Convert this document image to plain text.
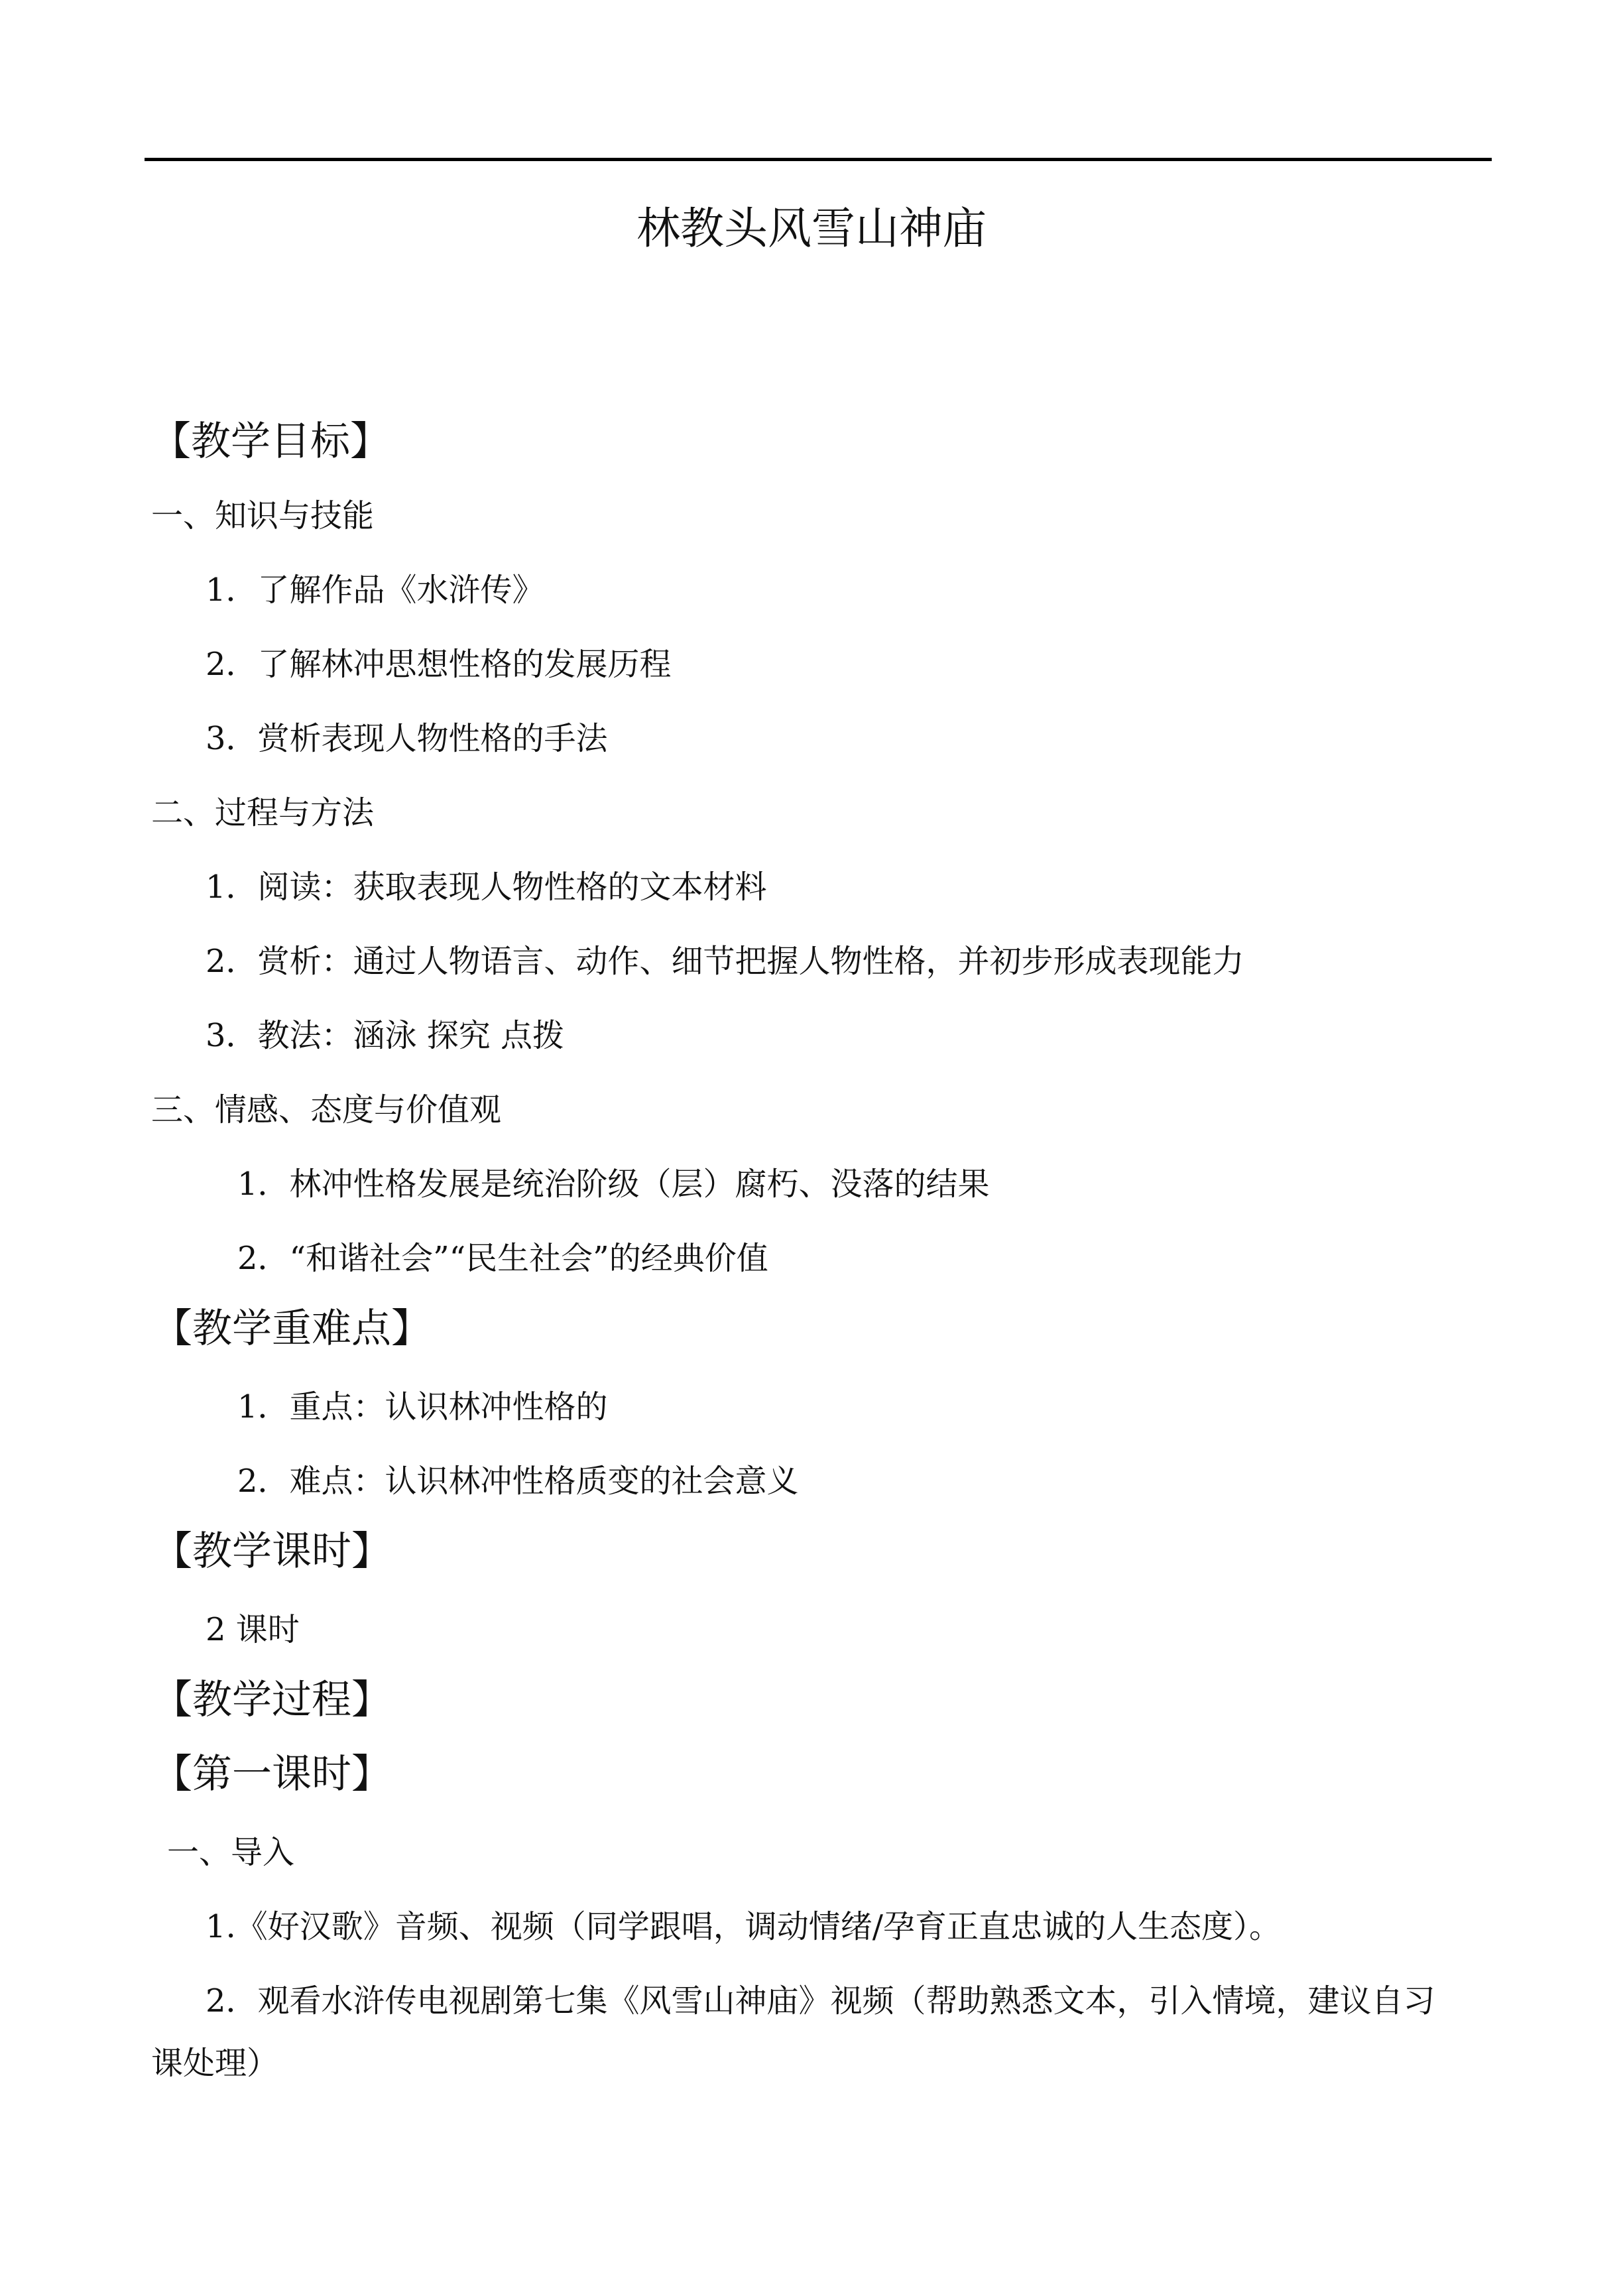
林教头风雪山神庙
【教学目标】
一、知识与技能
1．了解作品《水浒传》
2．了解林冲思想性格的发展历程
3．赏析表现人物性格的手法
二、过程与方法
1．阅读：获取表现人物性格的文本材料
2．赏析：通过人物语言、动作、细节把握人物性格，并初步形成表现能力
3．教法：涵泳 探究 点拨
三、情感、态度与价值观
1．林冲性格发展是统治阶级（层）腐朽、没落的结果
2．“和谐社会”“民生社会”的经典价值
【教学重难点】
1．重点：认识林冲性格的
2．难点：认识林冲性格质变的社会意义
【教学课时】
2 课时
【教学过程】
【第一课时】
一、导入
1.《好汉歌》音频、视频（同学跟唱，调动情绪/孕育正直忠诚的人生态度）。
2．观看水浒传电视剧第七集《风雪山神庙》视频（帮助熟悉文本，引入情境，建议自习
课处理）
